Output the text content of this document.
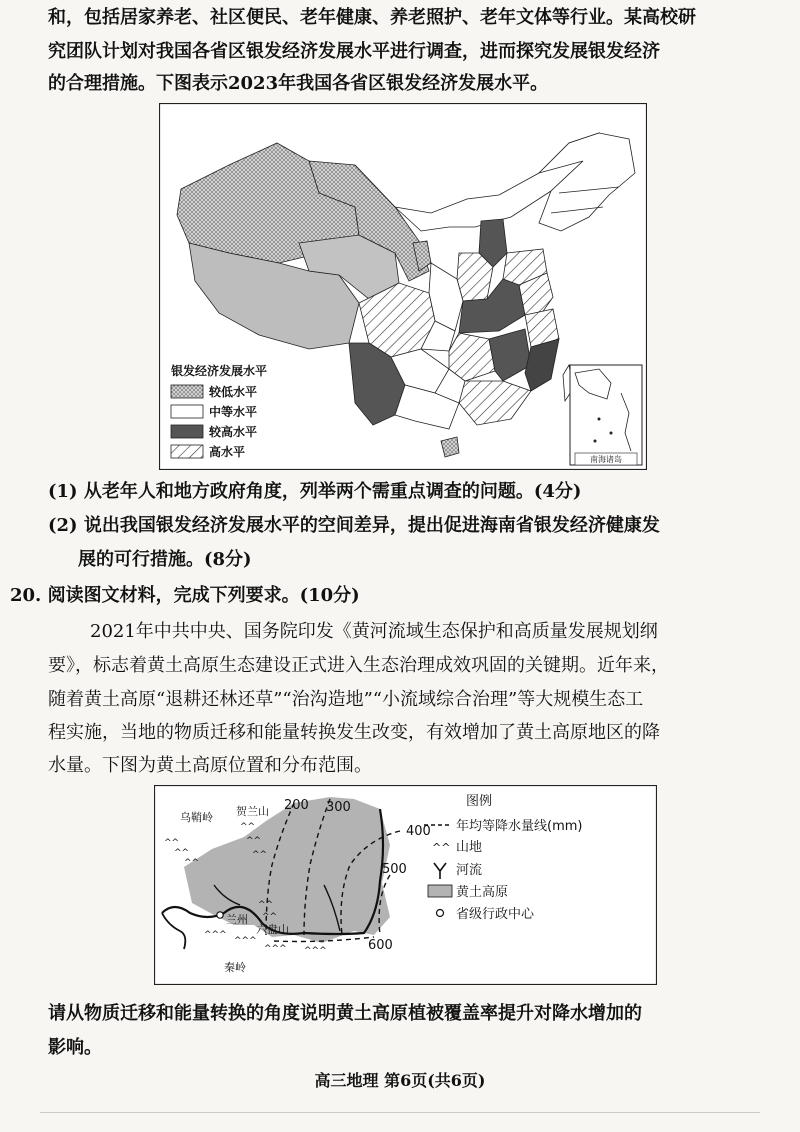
和，包括居家养老、社区便民、老年健康、养老照护、老年文体等行业。某高校研
究团队计划对我国各省区银发经济发展水平进行调查，进而探究发展银发经济
的合理措施。下图表示2023年我国各省区银发经济发展水平。
南海诸岛
银发经济发展水平
较低水平
中等水平
较高水平
高水平
(1) 从老年人和地方政府角度，列举两个需重点调查的问题。(4分)
(2) 说出我国银发经济发展水平的空间差异，提出促进海南省银发经济健康发
展的可行措施。(8分)
20. 阅读图文材料，完成下列要求。(10分)
2021年中共中央、国务院印发《黄河流域生态保护和高质量发展规划纲
要》，标志着黄土高原生态建设正式进入生态治理成效巩固的关键期。近年来，
随着黄土高原“退耕还林还草”“治沟造地”“小流域综合治理”等大规模生态工
程实施，当地的物质迁移和能量转换发生改变，有效增加了黄土高原地区的降
水量。下图为黄土高原位置和分布范围。
200 300
400
500
600
^^
^^
^^
^^
^^
^^
^^
^^
^^^
^^^
^^^ ^^^
乌鞘岭 贺兰山
六盘山
秦岭
兰州
图例
年均等降水量线(mm)
^^ 山地
河流
黄土高原
省级行政中心
请从物质迁移和能量转换的角度说明黄土高原植被覆盖率提升对降水增加的
影响。
高三地理 第6页(共6页)
